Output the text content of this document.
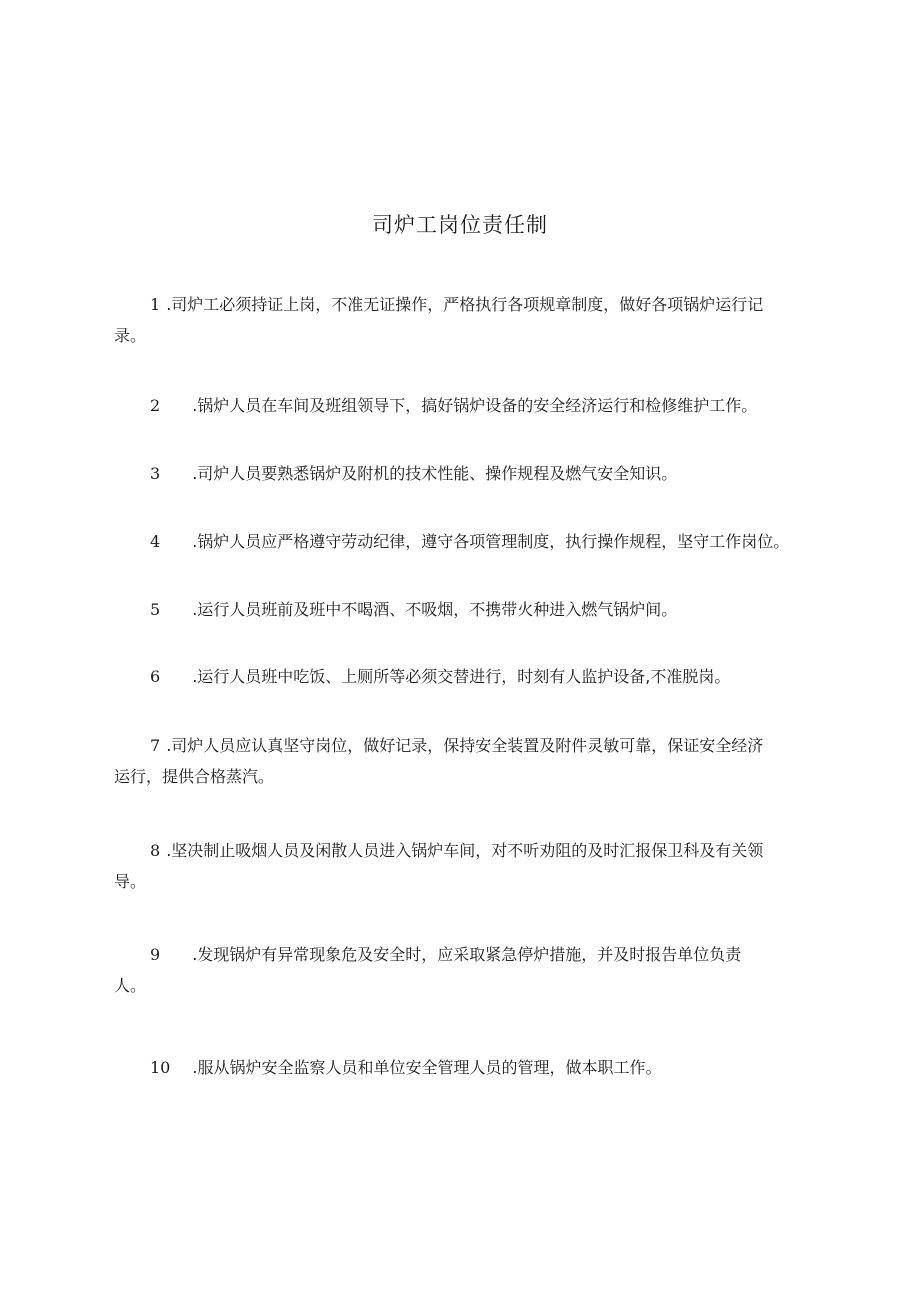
司炉工岗位责任制
1 .司炉工必须持证上岗，不准无证操作，严格执行各项规章制度，做好各项锅炉运行记
录。
2 .锅炉人员在车间及班组领导下，搞好锅炉设备的安全经济运行和检修维护工作。
3 .司炉人员要熟悉锅炉及附机的技术性能、操作规程及燃气安全知识。
4 .锅炉人员应严格遵守劳动纪律，遵守各项管理制度，执行操作规程，坚守工作岗位。
5 .运行人员班前及班中不喝酒、不吸烟，不携带火种进入燃气锅炉间。
6 .运行人员班中吃饭、上厕所等必须交替进行，时刻有人监护设备,不准脱岗。
7 .司炉人员应认真坚守岗位，做好记录，保持安全装置及附件灵敏可靠，保证安全经济
运行，提供合格蒸汽。
8 .坚决制止吸烟人员及闲散人员进入锅炉车间，对不听劝阻的及时汇报保卫科及有关领
导。
9 .发现锅炉有异常现象危及安全时，应采取紧急停炉措施，并及时报告单位负责
人。
10 .服从锅炉安全监察人员和单位安全管理人员的管理，做本职工作。
